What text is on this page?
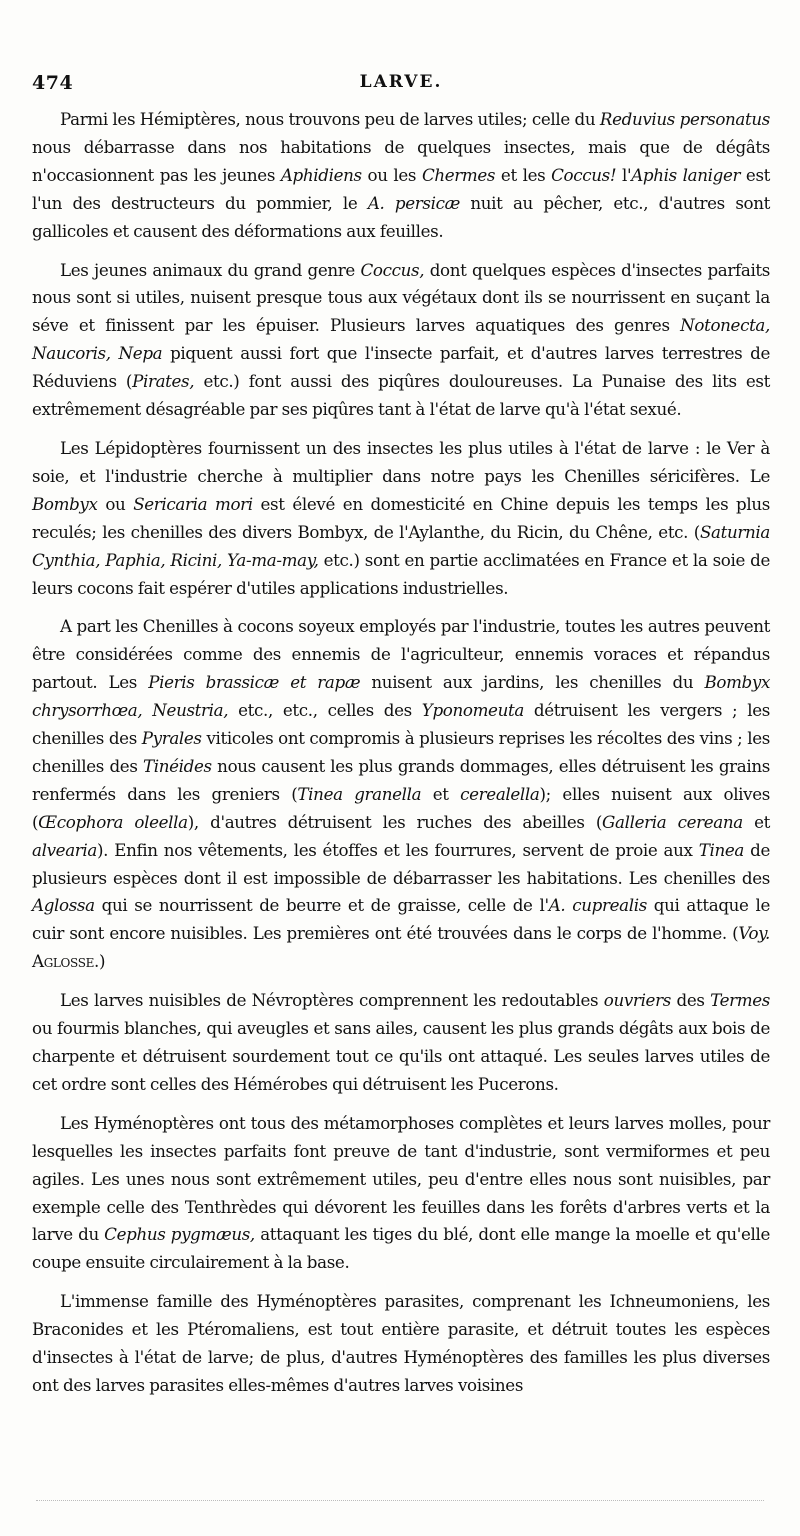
474	LARVE.

Parmi les Hémiptères, nous trouvons peu de larves utiles; celle du Reduvius personatus nous débarrasse dans nos habitations de quelques insectes, mais que de dégâts n'occasionnent pas les jeunes Aphidiens ou les Chermes et les Coccus! l'Aphis laniger est l'un des destructeurs du pommier, le A. persicæ nuit au pêcher, etc., d'autres sont gallicoles et causent des déformations aux feuilles.

Les jeunes animaux du grand genre Coccus, dont quelques espèces d'insectes parfaits nous sont si utiles, nuisent presque tous aux végétaux dont ils se nourrissent en suçant la séve et finissent par les épuiser. Plusieurs larves aquatiques des genres Notonecta, Naucoris, Nepa piquent aussi fort que l'insecte parfait, et d'autres larves terrestres de Réduviens (Pirates, etc.) font aussi des piqûres douloureuses. La Punaise des lits est extrêmement désagréable par ses piqûres tant à l'état de larve qu'à l'état sexué.

Les Lépidoptères fournissent un des insectes les plus utiles à l'état de larve : le Ver à soie, et l'industrie cherche à multiplier dans notre pays les Chenilles séricifères. Le Bombyx ou Sericaria mori est élevé en domesticité en Chine depuis les temps les plus reculés; les chenilles des divers Bombyx, de l'Aylanthe, du Ricin, du Chêne, etc. (Saturnia Cynthia, Paphia, Ricini, Ya-ma-may, etc.) sont en partie acclimatées en France et la soie de leurs cocons fait espérer d'utiles applications industrielles.

A part les Chenilles à cocons soyeux employés par l'industrie, toutes les autres peuvent être considérées comme des ennemis de l'agriculteur, ennemis voraces et répandus partout. Les Pieris brassicæ et rapæ nuisent aux jardins, les chenilles du Bombyx chrysorrhœa, Neustria, etc., etc., celles des Yponomeuta détruisent les vergers ; les chenilles des Pyrales viticoles ont compromis à plusieurs reprises les récoltes des vins ; les chenilles des Tinéides nous causent les plus grands dommages, elles détruisent les grains renfermés dans les greniers (Tinea granella et cerealella); elles nuisent aux olives (Œcophora oleella), d'autres détruisent les ruches des abeilles (Galleria cereana et alvearia). Enfin nos vêtements, les étoffes et les fourrures, servent de proie aux Tinea de plusieurs espèces dont il est impossible de débarrasser les habitations. Les chenilles des Aglossa qui se nourrissent de beurre et de graisse, celle de l'A. cuprealis qui attaque le cuir sont encore nuisibles. Les premières ont été trouvées dans le corps de l'homme. (Voy. Aglosse.)

Les larves nuisibles de Névroptères comprennent les redoutables ouvriers des Termes ou fourmis blanches, qui aveugles et sans ailes, causent les plus grands dégâts aux bois de charpente et détruisent sourdement tout ce qu'ils ont attaqué. Les seules larves utiles de cet ordre sont celles des Hémérobes qui détruisent les Pucerons.

Les Hyménoptères ont tous des métamorphoses complètes et leurs larves molles, pour lesquelles les insectes parfaits font preuve de tant d'industrie, sont vermiformes et peu agiles. Les unes nous sont extrêmement utiles, peu d'entre elles nous sont nuisibles, par exemple celle des Tenthrèdes qui dévorent les feuilles dans les forêts d'arbres verts et la larve du Cephus pygmæus, attaquant les tiges du blé, dont elle mange la moelle et qu'elle coupe ensuite circulairement à la base.

L'immense famille des Hyménoptères parasites, comprenant les Ichneumoniens, les Braconides et les Ptéromaliens, est tout entière parasite, et détruit toutes les espèces d'insectes à l'état de larve; de plus, d'autres Hyménoptères des familles les plus diverses ont des larves parasites elles-mêmes d'autres larves voisines
